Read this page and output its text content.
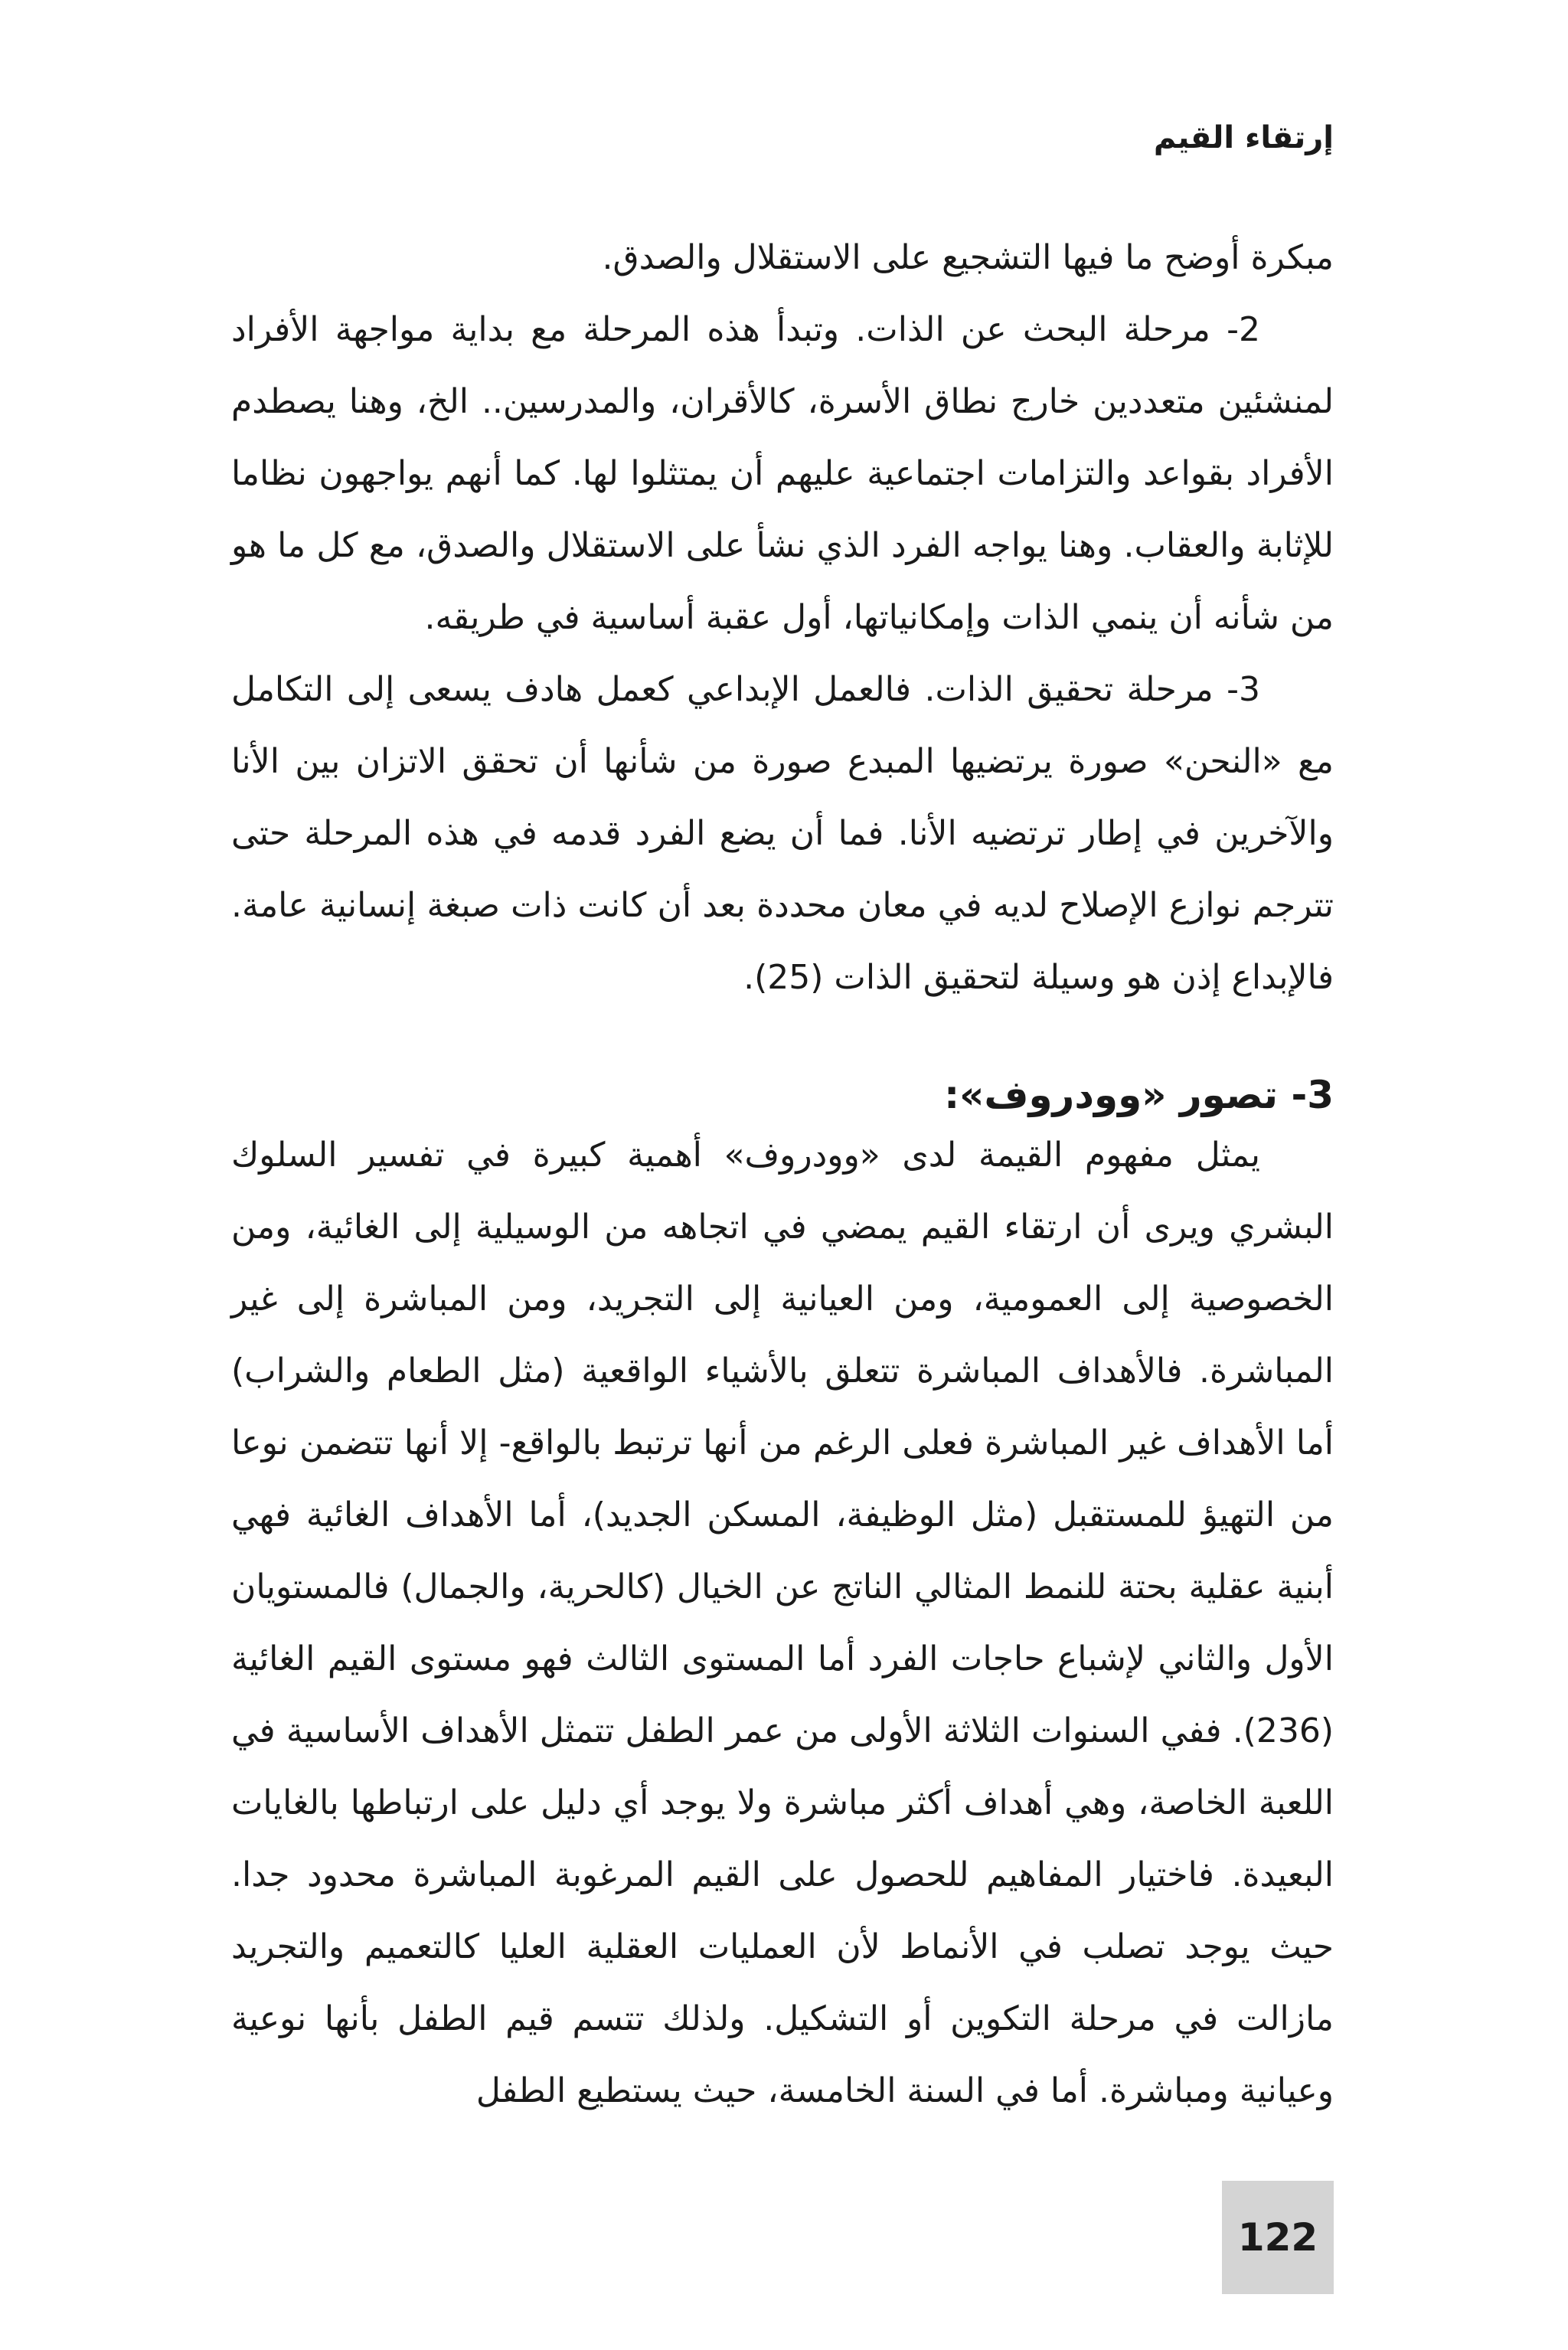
إرتقاء القيم

مبكرة أوضح ما فيها التشجيع على الاستقلال والصدق.

2- مرحلة البحث عن الذات. وتبدأ هذه المرحلة مع بداية مواجهة الأفراد لمنشئين متعددين خارج نطاق الأسرة، كالأقران، والمدرسين.. الخ، وهنا يصطدم الأفراد بقواعد والتزامات اجتماعية عليهم أن يمتثلوا لها. كما أنهم يواجهون نظاما للإثابة والعقاب. وهنا يواجه الفرد الذي نشأ على الاستقلال والصدق، مع كل ما هو من شأنه أن ينمي الذات وإمكانياتها، أول عقبة أساسية في طريقه.

3- مرحلة تحقيق الذات. فالعمل الإبداعي كعمل هادف يسعى إلى التكامل مع «النحن» صورة يرتضيها المبدع صورة من شأنها أن تحقق الاتزان بين الأنا والآخرين في إطار ترتضيه الأنا. فما أن يضع الفرد قدمه في هذه المرحلة حتى تترجم نوازع الإصلاح لديه في معان محددة بعد أن كانت ذات صبغة إنسانية عامة. فالإبداع إذن هو وسيلة لتحقيق الذات (25).

3- تصور «وودروف»:

يمثل مفهوم القيمة لدى «وودروف» أهمية كبيرة في تفسير السلوك البشري ويرى أن ارتقاء القيم يمضي في اتجاهه من الوسيلية إلى الغائية، ومن الخصوصية إلى العمومية، ومن العيانية إلى التجريد، ومن المباشرة إلى غير المباشرة. فالأهداف المباشرة تتعلق بالأشياء الواقعية (مثل الطعام والشراب) أما الأهداف غير المباشرة فعلى الرغم من أنها ترتبط بالواقع- إلا أنها تتضمن نوعا من التهيؤ للمستقبل (مثل الوظيفة، المسكن الجديد)، أما الأهداف الغائية فهي أبنية عقلية بحتة للنمط المثالي الناتج عن الخيال (كالحرية، والجمال) فالمستويان الأول والثاني لإشباع حاجات الفرد أما المستوى الثالث فهو مستوى القيم الغائية (236). ففي السنوات الثلاثة الأولى من عمر الطفل تتمثل الأهداف الأساسية في اللعبة الخاصة، وهي أهداف أكثر مباشرة ولا يوجد أي دليل على ارتباطها بالغايات البعيدة. فاختيار المفاهيم للحصول على القيم المرغوبة المباشرة محدود جدا. حيث يوجد تصلب في الأنماط لأن العمليات العقلية العليا كالتعميم والتجريد مازالت في مرحلة التكوين أو التشكيل. ولذلك تتسم قيم الطفل بأنها نوعية وعيانية ومباشرة. أما في السنة الخامسة، حيث يستطيع الطفل

122
